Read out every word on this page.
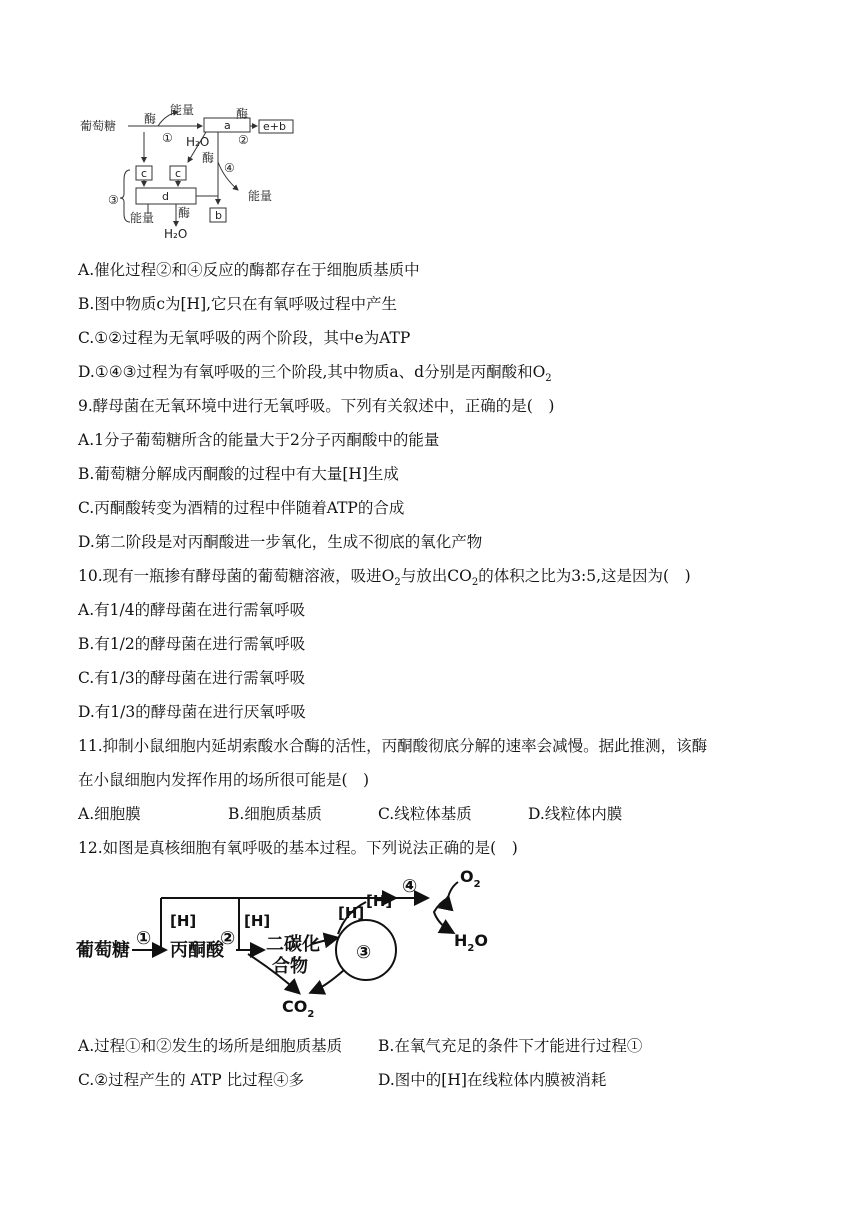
葡萄糖 酶
能量
①
酶
②
H₂O
酶
④
能量
③
能量 酶
H₂O
a	e+b
c	c
d
b
A.催化过程②和④反应的酶都存在于细胞质基质中
B.图中物质c为[H],它只在有氧呼吸过程中产生
C.①②过程为无氧呼吸的两个阶段，其中e为ATP
D.①④③过程为有氧呼吸的三个阶段,其中物质a、d分别是丙酮酸和$O_2$
9.酵母菌在无氧环境中进行无氧呼吸。下列有关叙述中，正确的是(　)
A.1分子葡萄糖所含的能量大于2分子丙酮酸中的能量
B.葡萄糖分解成丙酮酸的过程中有大量[H]生成
C.丙酮酸转变为酒精的过程中伴随着ATP的合成
D.第二阶段是对丙酮酸进一步氧化，生成不彻底的氧化产物
10.现有一瓶掺有酵母菌的葡萄糖溶液，吸进$O_2$与放出$CO_2$的体积之比为3:5,这是因为(　)
A.有1/4的酵母菌在进行需氧呼吸
B.有1/2的酵母菌在进行需氧呼吸
C.有1/3的酵母菌在进行需氧呼吸
D.有1/3的酵母菌在进行厌氧呼吸
11.抑制小鼠细胞内延胡索酸水合酶的活性，丙酮酸彻底分解的速率会减慢。据此推测，该酶
在小鼠细胞内发挥作用的场所很可能是(　)
A.细胞膜	B.细胞质基质	C.线粒体基质	D.线粒体内膜
12.如图是真核细胞有氧呼吸的基本过程。下列说法正确的是(　)
葡萄糖
①
丙酮酸
②
[H]	[H]
二碳化
合物
[H]
[H]
③
④	$O_2$
$H_2O$
$CO_2$
A.过程①和②发生的场所是细胞质基质 B.在氧气充足的条件下才能进行过程①
C.②过程产生的 ATP 比过程④多	D.图中的[H]在线粒体内膜被消耗
